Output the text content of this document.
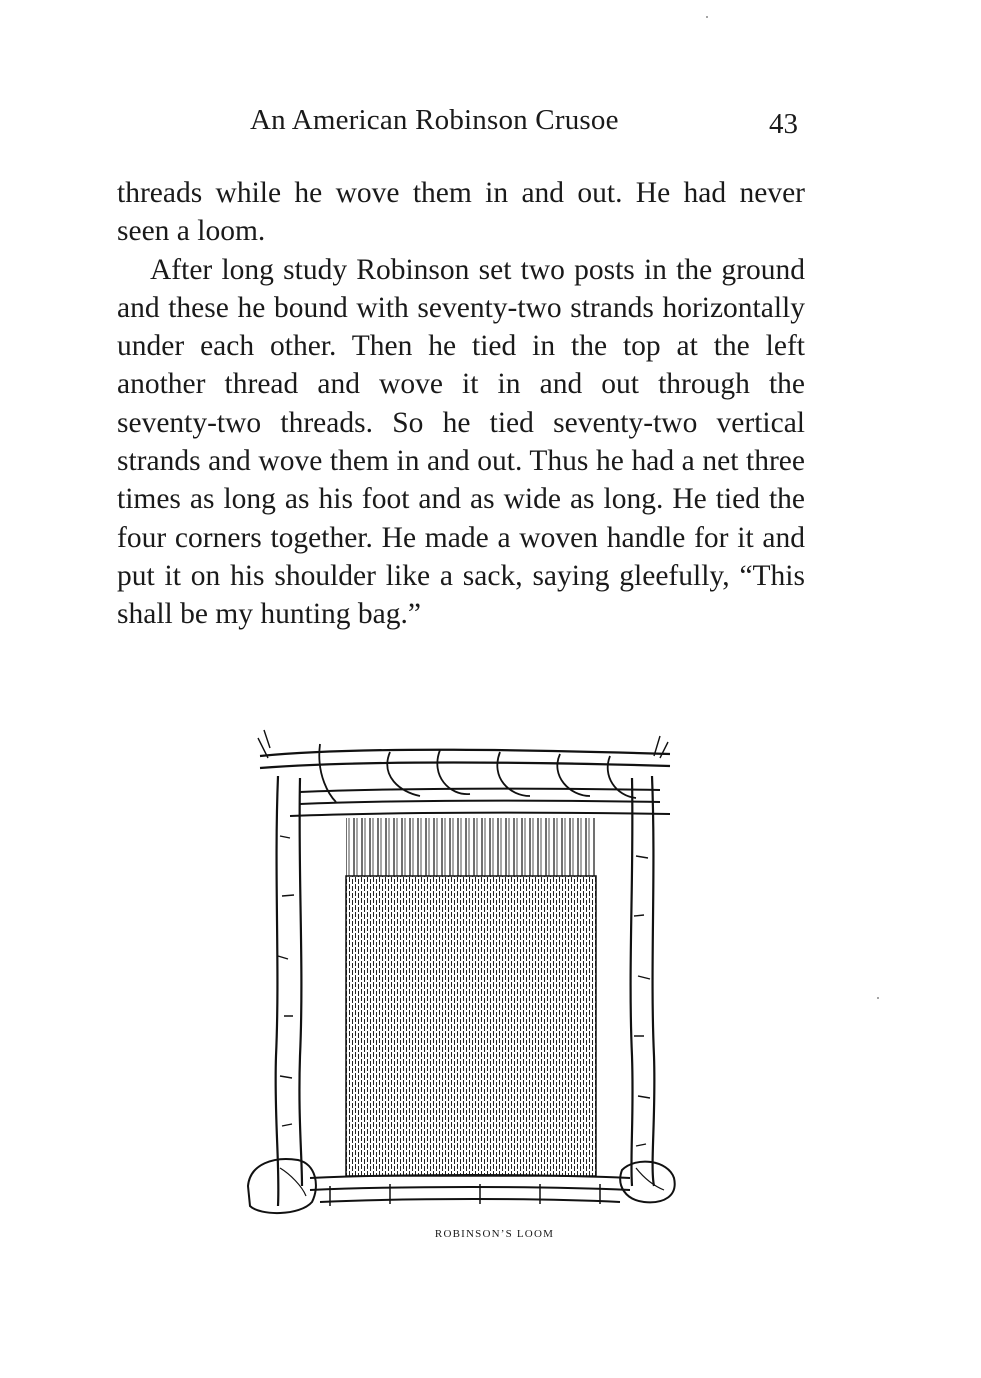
An American Robinson Crusoe	43

threads while he wove them in and out. He had never seen a loom.

After long study Robinson set two posts in the ground and these he bound with seventy-two strands horizontally under each other. Then he tied in the top at the left another thread and wove it in and out through the seventy-two threads. So he tied seventy-two vertical strands and wove them in and out. Thus he had a net three times as long as his foot and as wide as long. He tied the four corners together. He made a woven handle for it and put it on his shoulder like a sack, saying gleefully, “This shall be my hunting bag.”

ROBINSON’S LOOM
